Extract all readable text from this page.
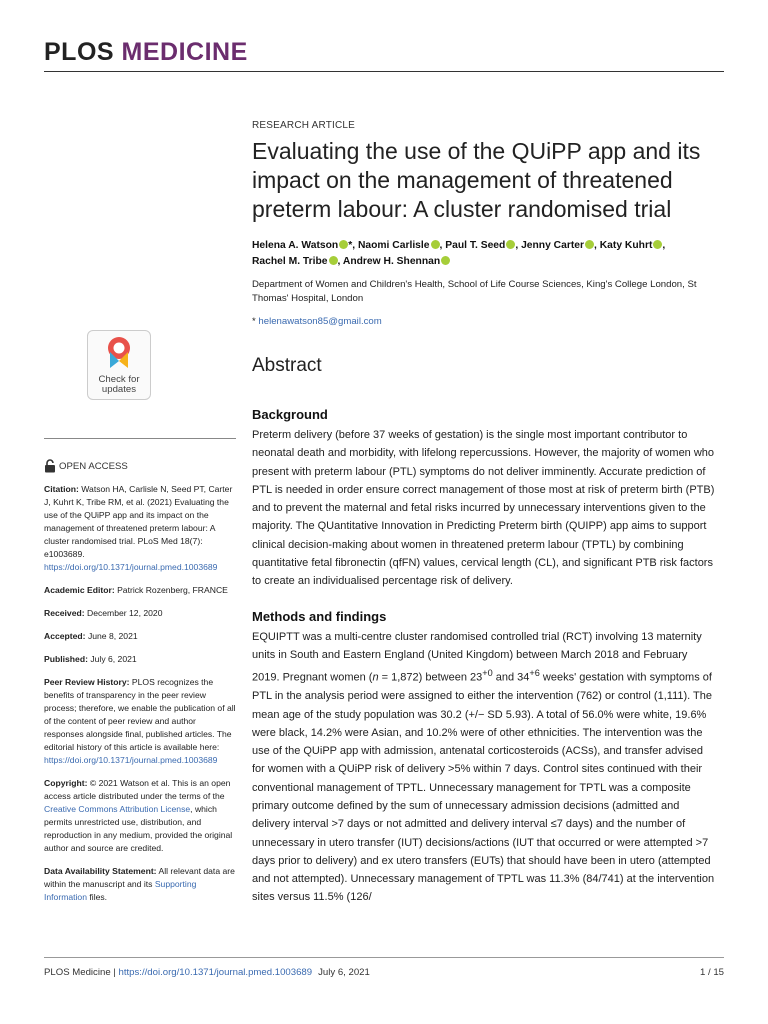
PLOS MEDICINE
Check for
updates
OPEN ACCESS
Citation: Watson HA, Carlisle N, Seed PT, Carter J, Kuhrt K, Tribe RM, et al. (2021) Evaluating the use of the QUiPP app and its impact on the management of threatened preterm labour: A cluster randomised trial. PLoS Med 18(7): e1003689. https://doi.org/10.1371/journal.pmed.1003689
Academic Editor: Patrick Rozenberg, FRANCE
Received: December 12, 2020
Accepted: June 8, 2021
Published: July 6, 2021
Peer Review History: PLOS recognizes the benefits of transparency in the peer review process; therefore, we enable the publication of all of the content of peer review and author responses alongside final, published articles. The editorial history of this article is available here: https://doi.org/10.1371/journal.pmed.1003689
Copyright: © 2021 Watson et al. This is an open access article distributed under the terms of the Creative Commons Attribution License, which permits unrestricted use, distribution, and reproduction in any medium, provided the original author and source are credited.
Data Availability Statement: All relevant data are within the manuscript and its Supporting Information files.
RESEARCH ARTICLE
Evaluating the use of the QUiPP app and its impact on the management of threatened preterm labour: A cluster randomised trial
Helena A. Watson *, Naomi Carlisle , Paul T. Seed , Jenny Carter , Katy Kuhrt ,
Rachel M. Tribe , Andrew H. Shennan
Department of Women and Children's Health, School of Life Course Sciences, King's College London, St Thomas' Hospital, London
* helenawatson85@gmail.com
Abstract
Background
Preterm delivery (before 37 weeks of gestation) is the single most important contributor to neonatal death and morbidity, with lifelong repercussions. However, the majority of women who present with preterm labour (PTL) symptoms do not deliver imminently. Accurate prediction of PTL is needed in order ensure correct management of those most at risk of preterm birth (PTB) and to prevent the maternal and fetal risks incurred by unnecessary interventions given to the majority. The QUantitative Innovation in Predicting Preterm birth (QUIPP) app aims to support clinical decision-making about women in threatened preterm labour (TPTL) by combining quantitative fetal fibronectin (qfFN) values, cervical length (CL), and significant PTB risk factors to create an individualised percentage risk of delivery.
Methods and findings
EQUIPTT was a multi-centre cluster randomised controlled trial (RCT) involving 13 maternity units in South and Eastern England (United Kingdom) between March 2018 and February 2019. Pregnant women (n = 1,872) between $23^{+0}$ and $34^{+6}$ weeks' gestation with symptoms of PTL in the analysis period were assigned to either the intervention (762) or control (1,111). The mean age of the study population was 30.2 (+/− SD 5.93). A total of 56.0% were white, 19.6% were black, 14.2% were Asian, and 10.2% were of other ethnicities. The intervention was the use of the QUiPP app with admission, antenatal corticosteroids (ACSs), and transfer advised for women with a QUiPP risk of delivery >5% within 7 days. Control sites continued with their conventional management of TPTL. Unnecessary management for TPTL was a composite primary outcome defined by the sum of unnecessary admission decisions (admitted and delivery interval >7 days or not admitted and delivery interval ≤7 days) and the number of unnecessary in utero transfer (IUT) decisions/actions (IUT that occurred or were attempted >7 days prior to delivery) and ex utero transfers (EUTs) that should have been in utero (attempted and not attempted). Unnecessary management of TPTL was 11.3% (84/741) at the intervention sites versus 11.5% (126/
PLOS Medicine | https://doi.org/10.1371/journal.pmed.1003689 July 6, 2021	1 / 15
